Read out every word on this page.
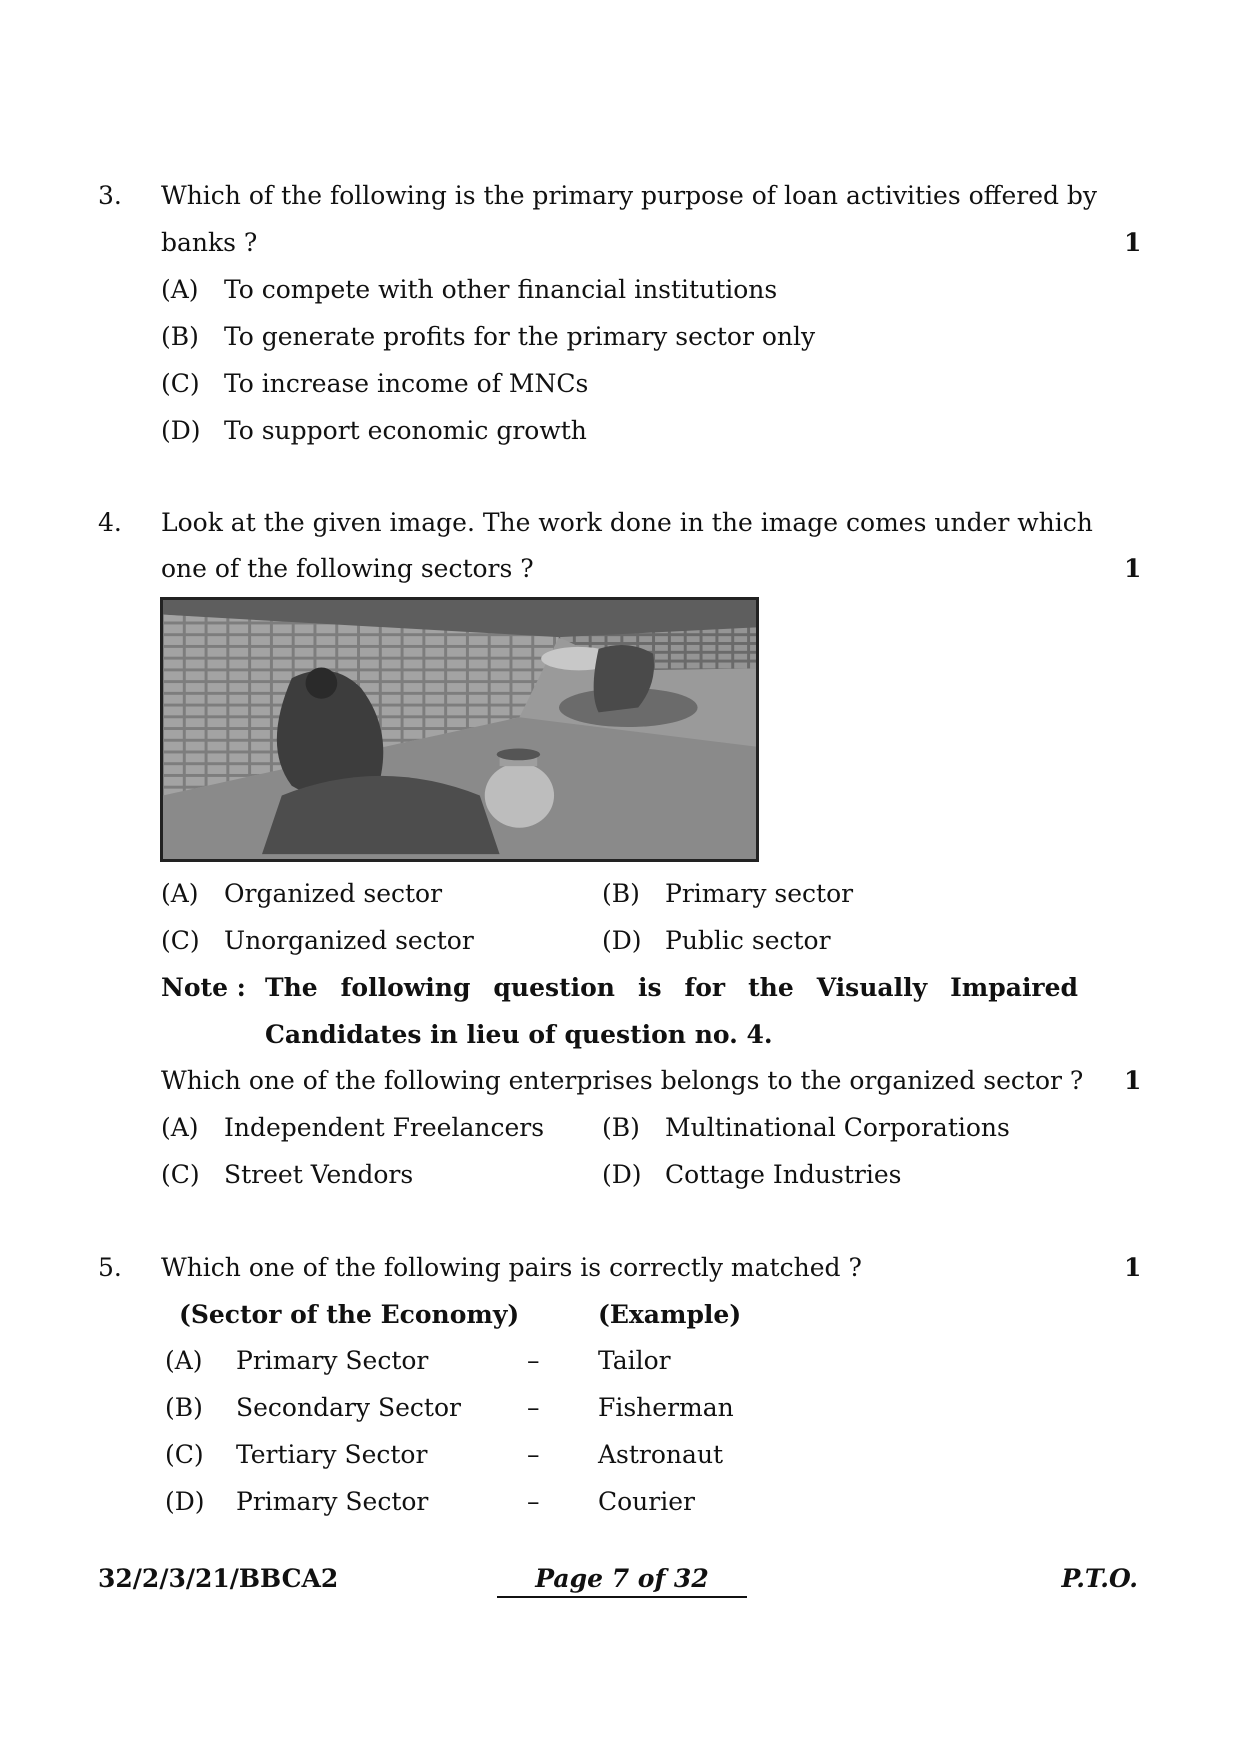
3. Which of the following is the primary purpose of loan activities offered by
banks ?	1
(A) To compete with other financial institutions
(B) To generate profits for the primary sector only
(C) To increase income of MNCs
(D) To support economic growth
4. Look at the given image. The work done in the image comes under which
one of the following sectors ?	1
(A) Organized sector	(B) Primary sector
(C) Unorganized sector	(D) Public sector
Note : The following question is for the Visually Impaired
Candidates in lieu of question no. 4.
Which one of the following enterprises belongs to the organized sector ? 1
(A) Independent Freelancers (B) Multinational Corporations
(C) Street Vendors	(D) Cottage Industries
5. Which one of the following pairs is correctly matched ?	1
(Sector of the Economy)	(Example)
(A) Primary Sector	– Tailor
(B) Secondary Sector	– Fisherman
(C) Tertiary Sector	– Astronaut
(D) Primary Sector	– Courier
32/2/3/21/BBCA2	Page 7 of 32	P.T.O.
